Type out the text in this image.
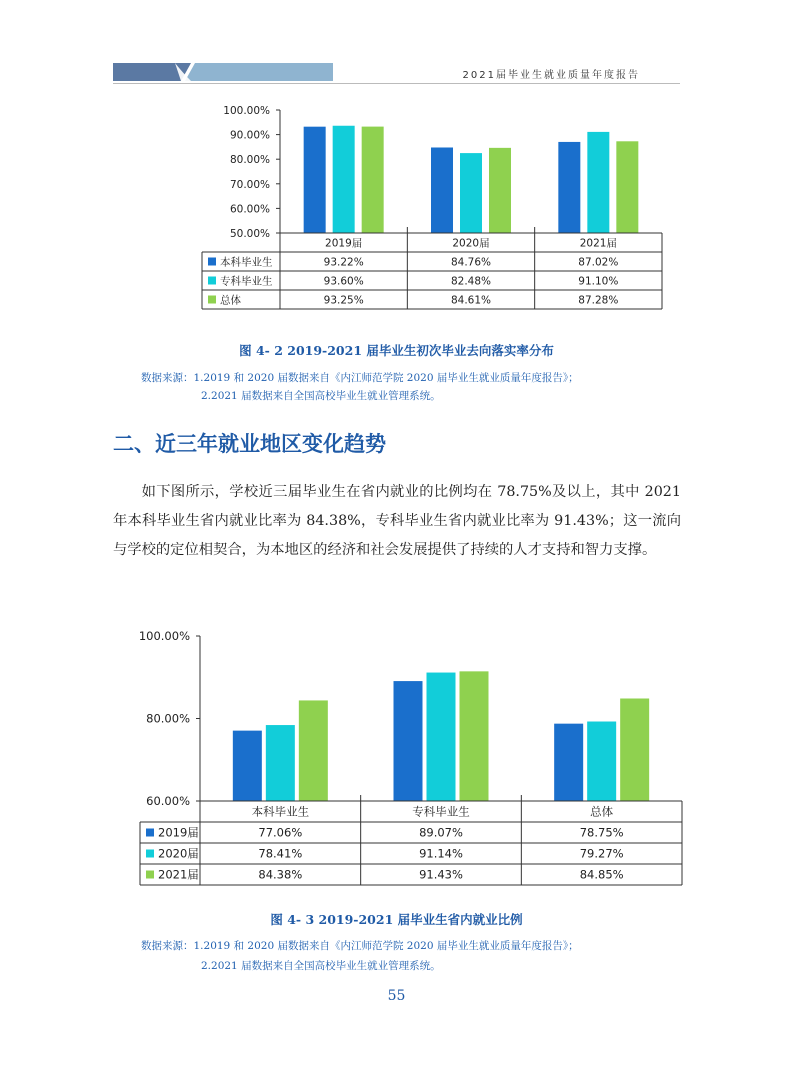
2021届毕业生就业质量年度报告
50.00%
60.00%
70.00%
80.00%
90.00%
100.00%
2019届	2020届	2021届
本科毕业生	93.22%	84.76%	87.02%
专科毕业生	93.60%	82.48%	91.10%
总体	93.25%	84.61%	87.28%
图 4- 2 2019-2021 届毕业生初次毕业去向落实率分布
数据来源：1.2019 和 2020 届数据来自《内江师范学院 2020 届毕业生就业质量年度报告》；
2.2021 届数据来自全国高校毕业生就业管理系统。
二、近三年就业地区变化趋势

如下图所示，学校近三届毕业生在省内就业的比例均在 78.75%及以上，其中 2021 年本科毕业生省内就业比率为 84.38%，专科毕业生省内就业比率为 91.43%；这一流向与学校的定位相契合，为本地区的经济和社会发展提供了持续的人才支持和智力支撑。

60.00%
80.00%
100.00%
本科毕业生	专科毕业生	总体
2019届	77.06%	89.07%	78.75%
2020届	78.41%	91.14%	79.27%
2021届	84.38%	91.43%	84.85%
图 4- 3 2019-2021 届毕业生省内就业比例
数据来源：1.2019 和 2020 届数据来自《内江师范学院 2020 届毕业生就业质量年度报告》；
2.2021 届数据来自全国高校毕业生就业管理系统。
55
